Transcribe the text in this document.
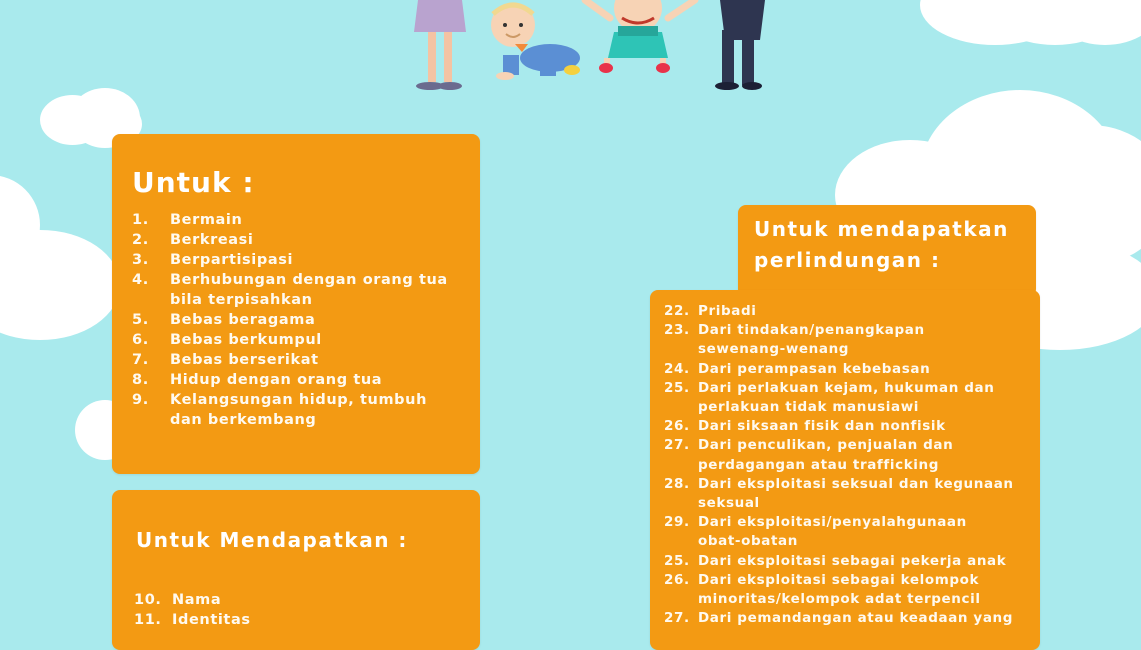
Untuk :
1.	Bermain
2.	Berkreasi
3.	Berpartisipasi
4.	Berhubungan dengan orang tua
bila terpisahkan
5.	Bebas beragama
6.	Bebas berkumpul
7.	Bebas berserikat
8.	Hidup dengan orang tua
9.	Kelangsungan hidup, tumbuh
dan berkembang
Untuk Mendapatkan :
10. Nama
11. Identitas
Untuk mendapatkan
perlindungan :
22. Pribadi
23. Dari tindakan/penangkapan
sewenang-wenang
24. Dari perampasan kebebasan
25. Dari perlakuan kejam, hukuman dan
perlakuan tidak manusiawi
26. Dari siksaan fisik dan nonfisik
27. Dari penculikan, penjualan dan
perdagangan atau trafficking
28. Dari eksploitasi seksual dan kegunaan
seksual
29. Dari eksploitasi/penyalahgunaan
obat-obatan
25. Dari eksploitasi sebagai pekerja anak
26. Dari eksploitasi sebagai kelompok
minoritas/kelompok adat terpencil
27. Dari pemandangan atau keadaan yang
